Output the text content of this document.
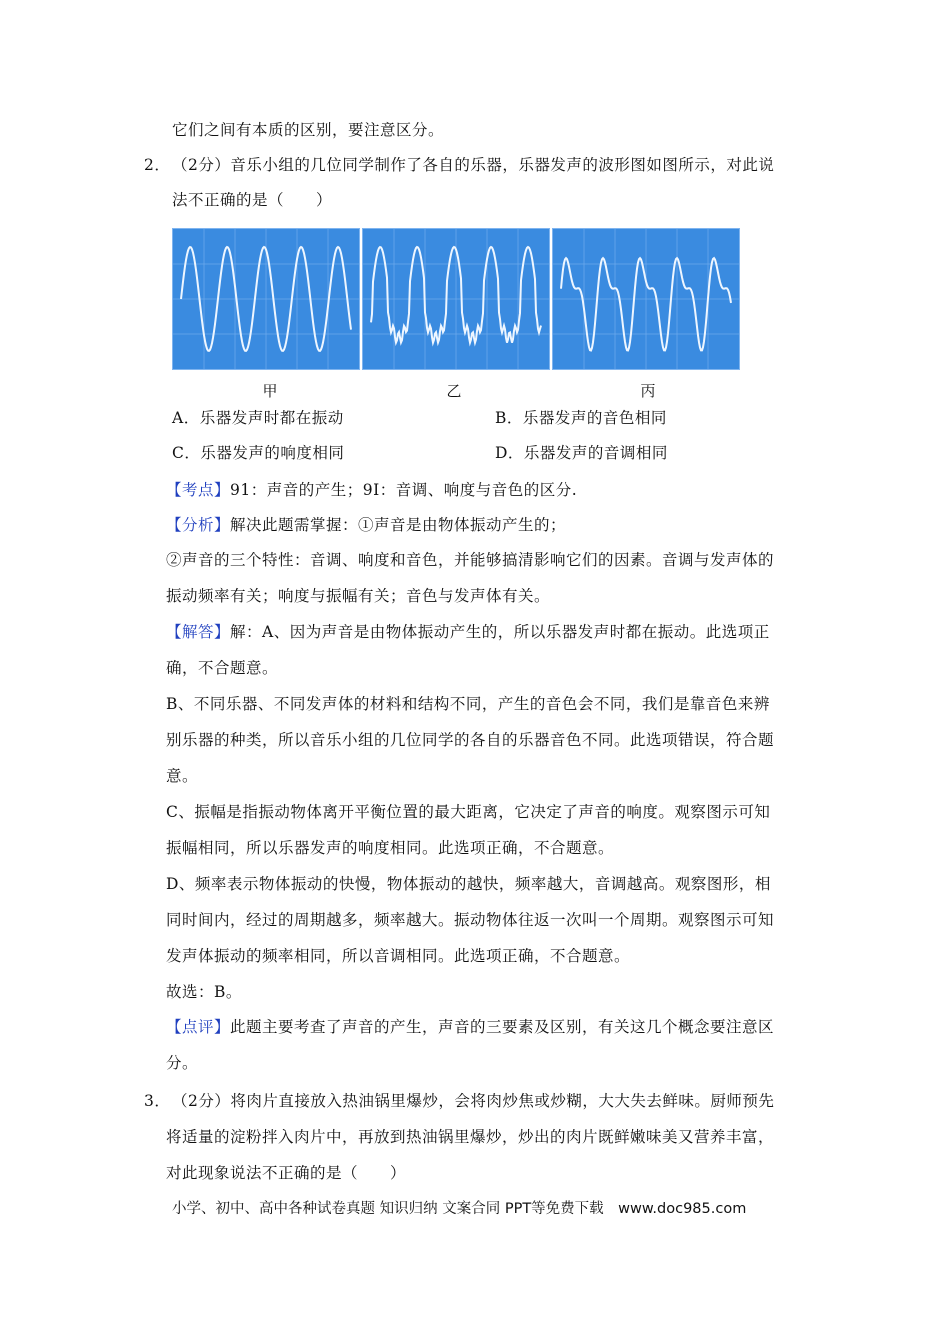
它们之间有本质的区别，要注意区分。
2． （2分）音乐小组的几位同学制作了各自的乐器，乐器发声的波形图如图所示，对此说
法不正确的是（　　）
甲	乙	丙
A．乐器发声时都在振动	B．乐器发声的音色相同
C．乐器发声的响度相同	D．乐器发声的音调相同
【考点】91：声音的产生；9I：音调、响度与音色的区分.
【分析】解决此题需掌握：①声音是由物体振动产生的；
②声音的三个特性：音调、响度和音色，并能够搞清影响它们的因素。音调与发声体的
振动频率有关；响度与振幅有关；音色与发声体有关。
【解答】解：A、因为声音是由物体振动产生的，所以乐器发声时都在振动。此选项正
确，不合题意。
B、不同乐器、不同发声体的材料和结构不同，产生的音色会不同，我们是靠音色来辨
别乐器的种类，所以音乐小组的几位同学的各自的乐器音色不同。此选项错误，符合题
意。
C、振幅是指振动物体离开平衡位置的最大距离，它决定了声音的响度。观察图示可知
振幅相同，所以乐器发声的响度相同。此选项正确，不合题意。
D、频率表示物体振动的快慢，物体振动的越快，频率越大，音调越高。观察图形，相
同时间内，经过的周期越多，频率越大。振动物体往返一次叫一个周期。观察图示可知
发声体振动的频率相同，所以音调相同。此选项正确，不合题意。
故选：B。
【点评】此题主要考查了声音的产生，声音的三要素及区别，有关这几个概念要注意区
分。
3． （2分）将肉片直接放入热油锅里爆炒，会将肉炒焦或炒糊，大大失去鲜味。厨师预先
将适量的淀粉拌入肉片中，再放到热油锅里爆炒，炒出的肉片既鲜嫩味美又营养丰富，
对此现象说法不正确的是（　　）
小学、初中、高中各种试卷真题 知识归纳 文案合同 PPT等免费下载　www.doc985.com
